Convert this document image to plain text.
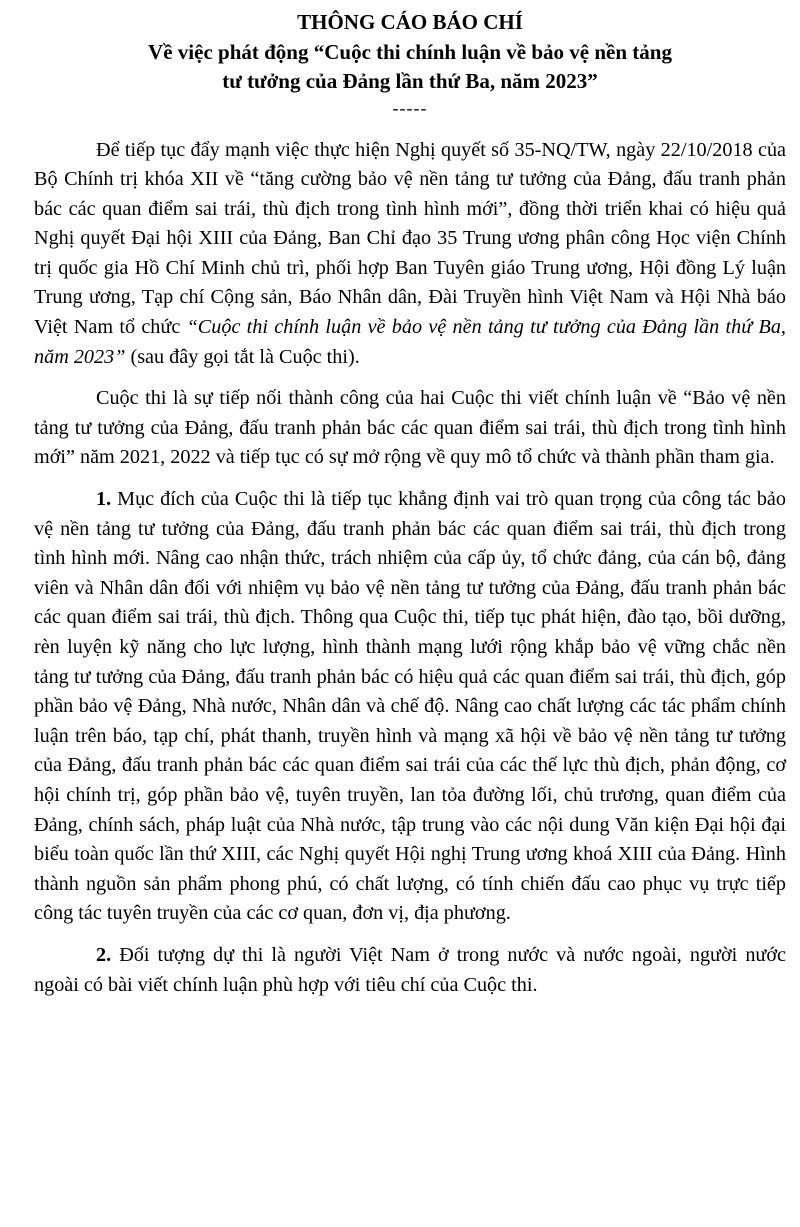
THÔNG CÁO BÁO CHÍ
Về việc phát động “Cuộc thi chính luận về bảo vệ nền tảng
tư tưởng của Đảng lần thứ Ba, năm 2023”
-----

Để tiếp tục đẩy mạnh việc thực hiện Nghị quyết số 35-NQ/TW, ngày 22/10/2018 của Bộ Chính trị khóa XII về “tăng cường bảo vệ nền tảng tư tưởng của Đảng, đấu tranh phản bác các quan điểm sai trái, thù địch trong tình hình mới”, đồng thời triển khai có hiệu quả Nghị quyết Đại hội XIII của Đảng, Ban Chỉ đạo 35 Trung ương phân công Học viện Chính trị quốc gia Hồ Chí Minh chủ trì, phối hợp Ban Tuyên giáo Trung ương, Hội đồng Lý luận Trung ương, Tạp chí Cộng sản, Báo Nhân dân, Đài Truyền hình Việt Nam và Hội Nhà báo Việt Nam tổ chức “Cuộc thi chính luận về bảo vệ nền tảng tư tưởng của Đảng lần thứ Ba, năm 2023” (sau đây gọi tắt là Cuộc thi).

Cuộc thi là sự tiếp nối thành công của hai Cuộc thi viết chính luận về “Bảo vệ nền tảng tư tưởng của Đảng, đấu tranh phản bác các quan điểm sai trái, thù địch trong tình hình mới” năm 2021, 2022 và tiếp tục có sự mở rộng về quy mô tổ chức và thành phần tham gia.

1. Mục đích của Cuộc thi là tiếp tục khẳng định vai trò quan trọng của công tác bảo vệ nền tảng tư tưởng của Đảng, đấu tranh phản bác các quan điểm sai trái, thù địch trong tình hình mới. Nâng cao nhận thức, trách nhiệm của cấp ủy, tổ chức đảng, của cán bộ, đảng viên và Nhân dân đối với nhiệm vụ bảo vệ nền tảng tư tưởng của Đảng, đấu tranh phản bác các quan điểm sai trái, thù địch. Thông qua Cuộc thi, tiếp tục phát hiện, đào tạo, bồi dưỡng, rèn luyện kỹ năng cho lực lượng, hình thành mạng lưới rộng khắp bảo vệ vững chắc nền tảng tư tưởng của Đảng, đấu tranh phản bác có hiệu quả các quan điểm sai trái, thù địch, góp phần bảo vệ Đảng, Nhà nước, Nhân dân và chế độ. Nâng cao chất lượng các tác phẩm chính luận trên báo, tạp chí, phát thanh, truyền hình và mạng xã hội về bảo vệ nền tảng tư tưởng của Đảng, đấu tranh phản bác các quan điểm sai trái của các thế lực thù địch, phản động, cơ hội chính trị, góp phần bảo vệ, tuyên truyền, lan tỏa đường lối, chủ trương, quan điểm của Đảng, chính sách, pháp luật của Nhà nước, tập trung vào các nội dung Văn kiện Đại hội đại biểu toàn quốc lần thứ XIII, các Nghị quyết Hội nghị Trung ương khoá XIII của Đảng. Hình thành nguồn sản phẩm phong phú, có chất lượng, có tính chiến đấu cao phục vụ trực tiếp công tác tuyên truyền của các cơ quan, đơn vị, địa phương.

2. Đối tượng dự thi là người Việt Nam ở trong nước và nước ngoài, người nước ngoài có bài viết chính luận phù hợp với tiêu chí của Cuộc thi.
